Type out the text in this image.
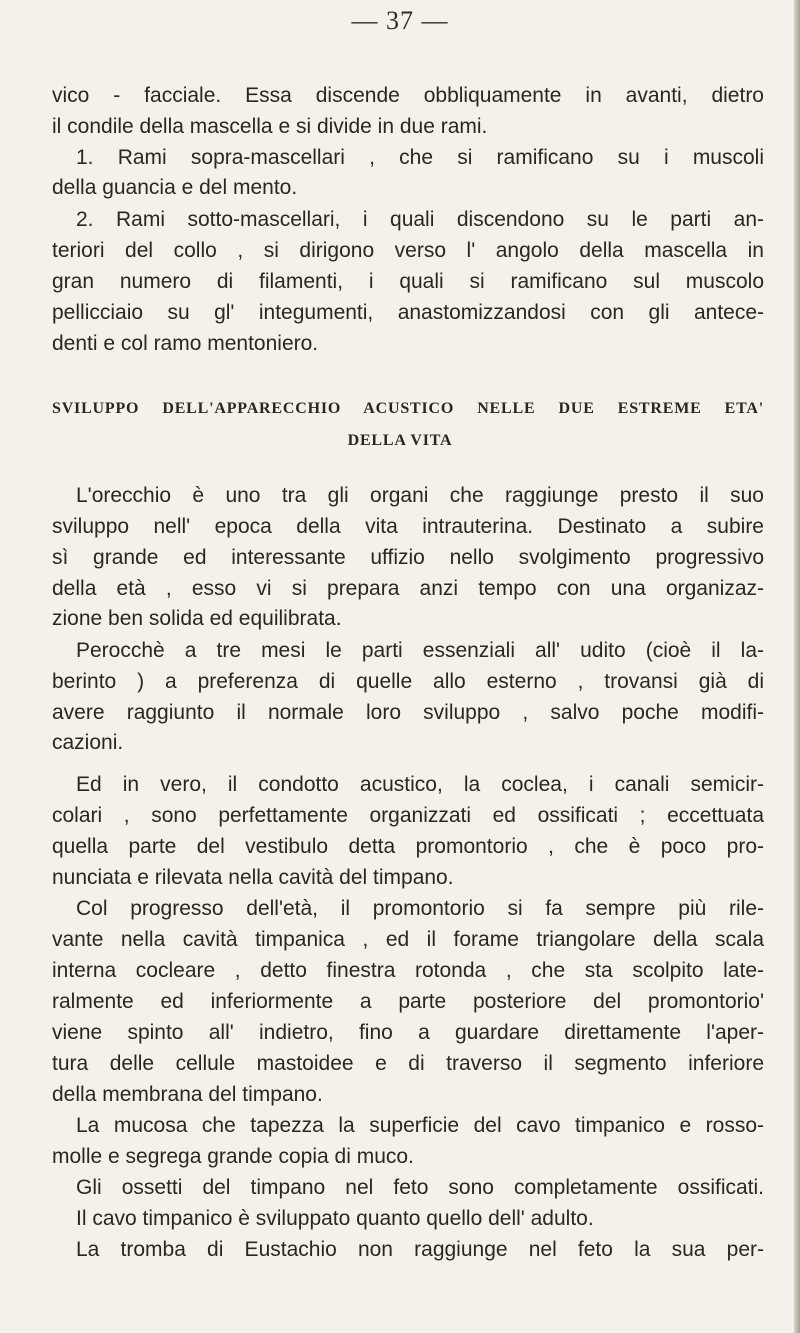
— 37 —
vico - facciale. Essa discende obbliquamente in avanti, dietro
il condile della mascella e si divide in due rami.
1. Rami sopra-mascellari , che si ramificano su i muscoli
della guancia e del mento.
2. Rami sotto-mascellari, i quali discendono su le parti an-
teriori del collo , si dirigono verso l' angolo della mascella in
gran numero di filamenti, i quali si ramificano sul muscolo
pellicciaio su gl' integumenti, anastomizzandosi con gli antece-
denti e col ramo mentoniero.
SVILUPPO DELL'APPARECCHIO ACUSTICO NELLE DUE ESTREME ETA'
DELLA VITA
L'orecchio è uno tra gli organi che raggiunge presto il suo
sviluppo nell' epoca della vita intrauterina. Destinato a subire
sì grande ed interessante uffizio nello svolgimento progressivo
della età , esso vi si prepara anzi tempo con una organizaz-
zione ben solida ed equilibrata.
Perocchè a tre mesi le parti essenziali all' udito (cioè il la-
berinto ) a preferenza di quelle allo esterno , trovansi già di
avere raggiunto il normale loro sviluppo , salvo poche modifi-
cazioni.
Ed in vero, il condotto acustico, la coclea, i canali semicir-
colari , sono perfettamente organizzati ed ossificati ; eccettuata
quella parte del vestibulo detta promontorio , che è poco pro-
nunciata e rilevata nella cavità del timpano.
Col progresso dell'età, il promontorio si fa sempre più rile-
vante nella cavità timpanica , ed il forame triangolare della scala
interna cocleare , detto finestra rotonda , che sta scolpito late-
ralmente ed inferiormente a parte posteriore del promontorio'
viene spinto all' indietro, fino a guardare direttamente l'aper-
tura delle cellule mastoidee e di traverso il segmento inferiore
della membrana del timpano.
La mucosa che tapezza la superficie del cavo timpanico e rosso-
molle e segrega grande copia di muco.
Gli ossetti del timpano nel feto sono completamente ossificati.
Il cavo timpanico è sviluppato quanto quello dell' adulto.
La tromba di Eustachio non raggiunge nel feto la sua per-
